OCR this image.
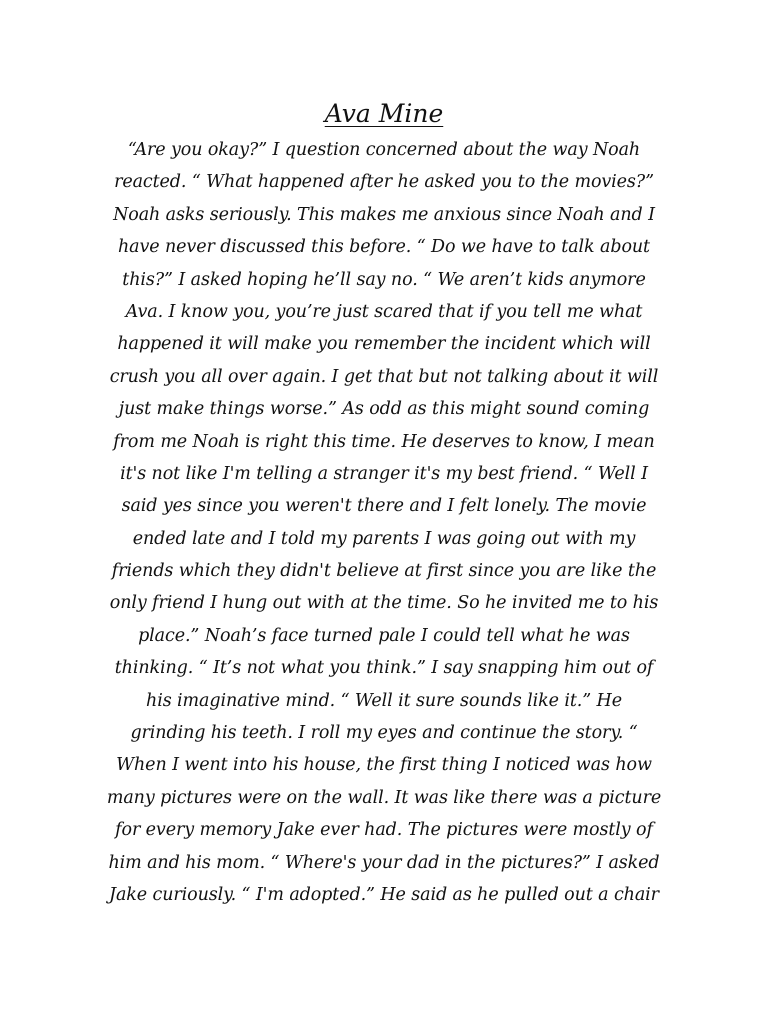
Ava Mine
“Are you okay?” I question concerned about the way Noah
reacted. “ What happened after he asked you to the movies?”
Noah asks seriously. This makes me anxious since Noah and I
have never discussed this before. “ Do we have to talk about
this?” I asked hoping he’ll say no. “ We aren’t kids anymore
Ava. I know you, you’re just scared that if you tell me what
happened it will make you remember the incident which will
crush you all over again. I get that but not talking about it will
just make things worse.” As odd as this might sound coming
from me Noah is right this time. He deserves to know, I mean
it's not like I'm telling a stranger it's my best friend. “ Well I
said yes since you weren't there and I felt lonely. The movie
ended late and I told my parents I was going out with my
friends which they didn't believe at first since you are like the
only friend I hung out with at the time. So he invited me to his
place.” Noah’s face turned pale I could tell what he was
thinking. “ It’s not what you think.” I say snapping him out of
his imaginative mind. “ Well it sure sounds like it.” He
grinding his teeth. I roll my eyes and continue the story. “
When I went into his house, the first thing I noticed was how
many pictures were on the wall. It was like there was a picture
for every memory Jake ever had. The pictures were mostly of
him and his mom. “ Where's your dad in the pictures?” I asked
Jake curiously. “ I'm adopted.” He said as he pulled out a chair
